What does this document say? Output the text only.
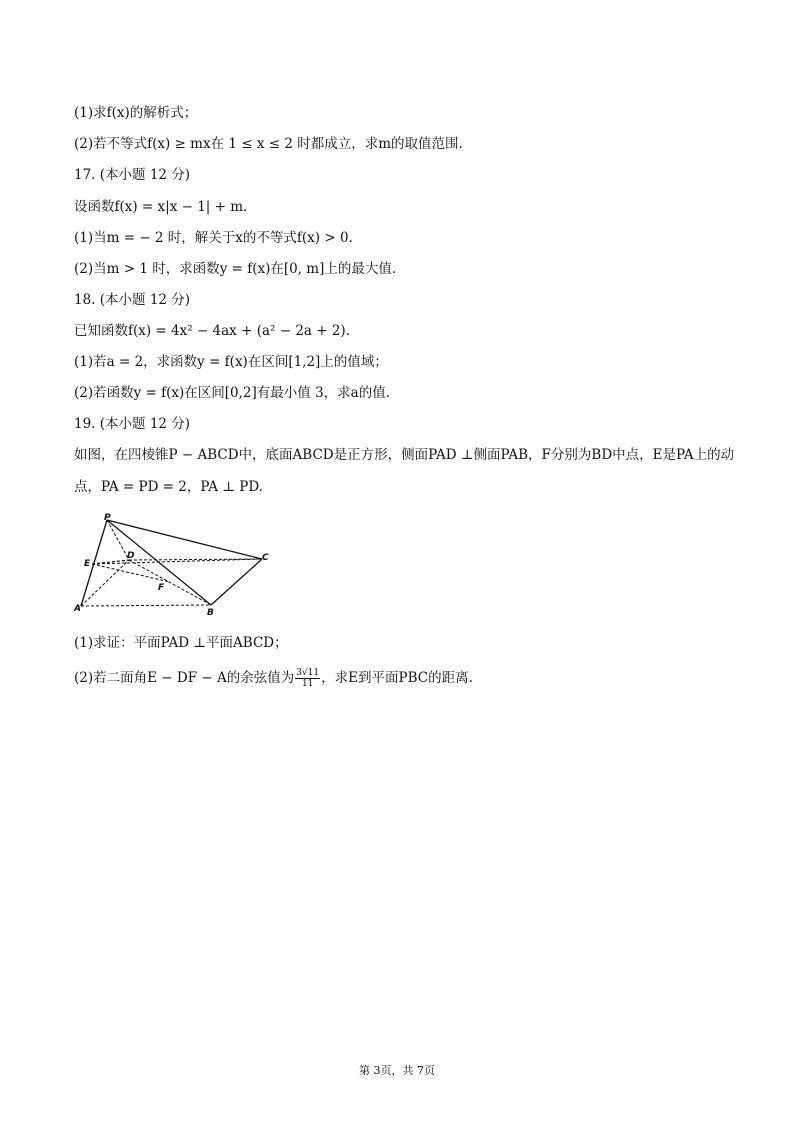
(1)求f(x)的解析式；
(2)若不等式f(x) ≥ mx在 1 ≤ x ≤ 2 时都成立，求m的取值范围.
17. (本小题 12 分)
设函数f(x) = x|x − 1| + m.
(1)当m = − 2 时，解关于x的不等式f(x) > 0.
(2)当m > 1 时，求函数y = f(x)在[0, m]上的最大值.
18. (本小题 12 分)
已知函数f(x) = 4x² − 4ax + (a² − 2a + 2).
(1)若a = 2，求函数y = f(x)在区间[1,2]上的值域；
(2)若函数y = f(x)在区间[0,2]有最小值 3，求a的值.
19. (本小题 12 分)
如图，在四棱锥P − ABCD中，底面ABCD是正方形，侧面PAD ⊥侧面PAB，F分别为BD中点，E是PA上的动
点，PA = PD = 2，PA ⊥ PD.
P
D	C
E
F
A	B
(1)求证：平面PAD ⊥平面ABCD；
(2)若二面角E − DF − A的余弦值为 $\frac{3√11}{11}$ ，求E到平面PBC的距离.
第 3页，共 7页
